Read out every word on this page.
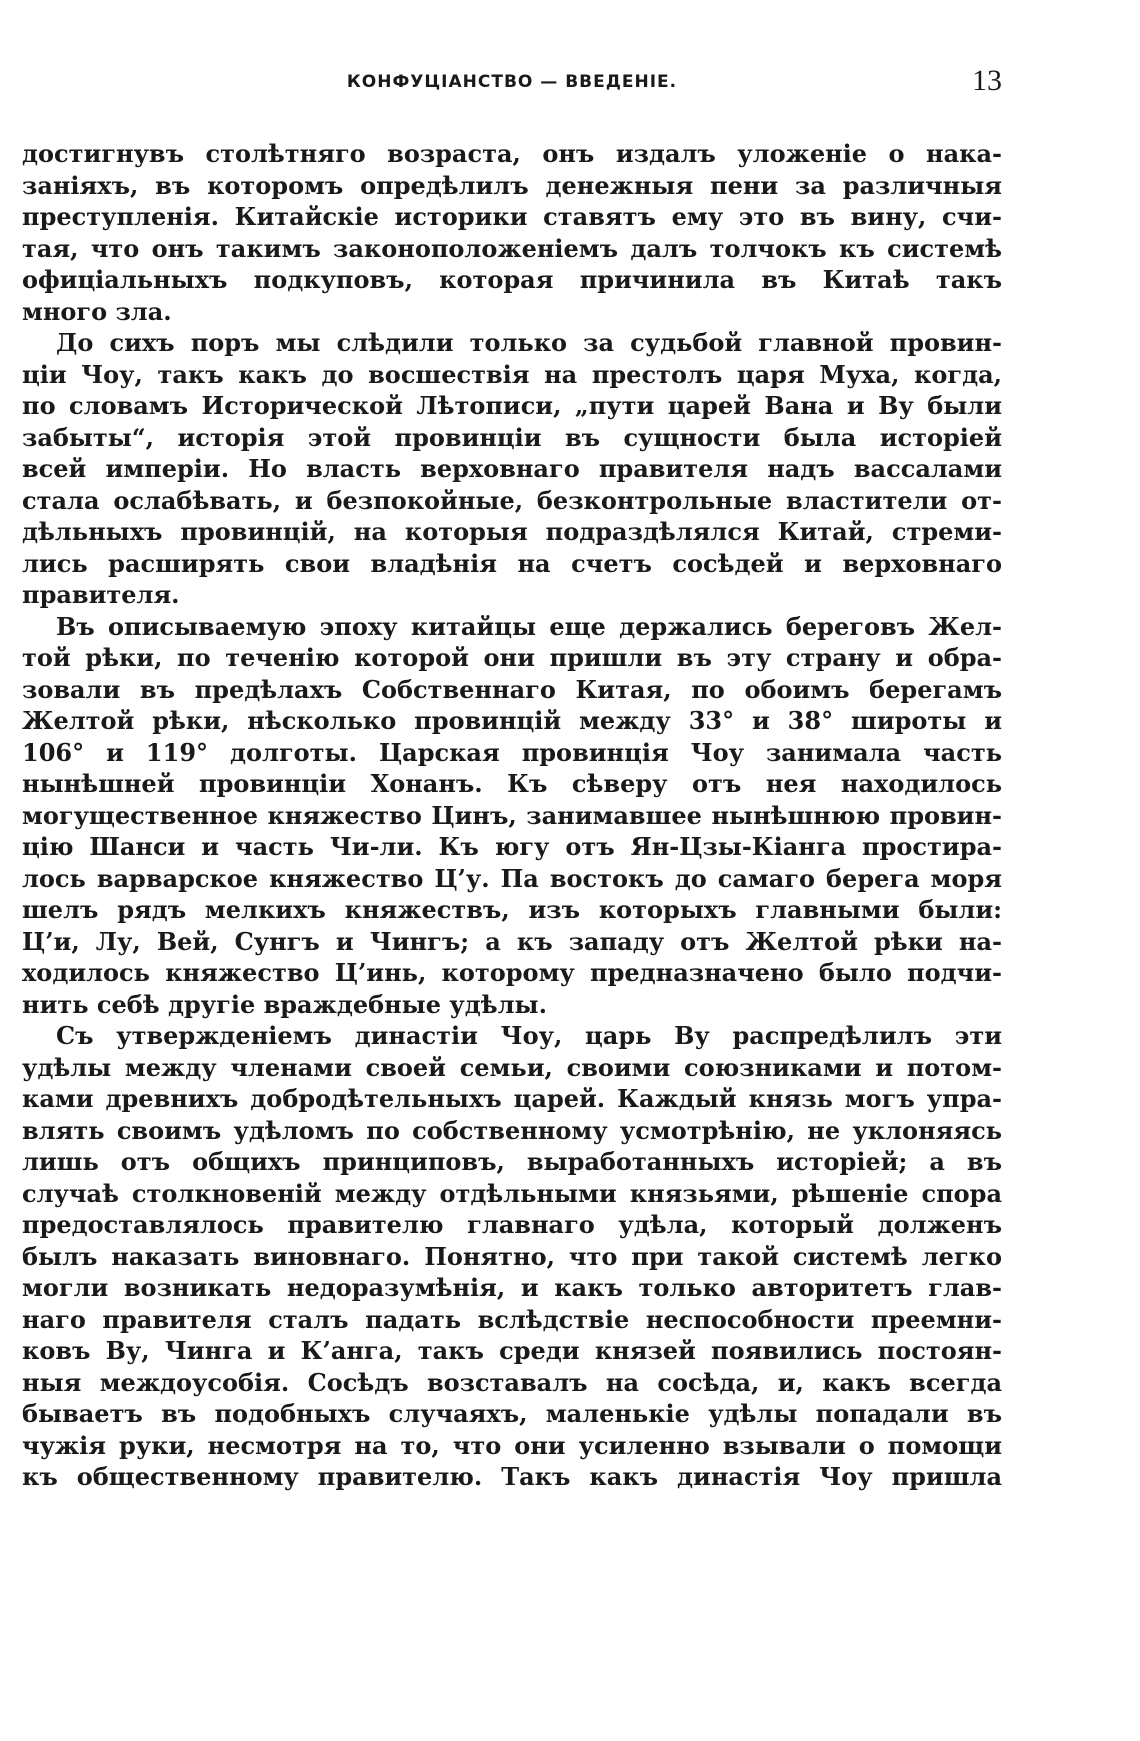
КОНФУЦІАНСТВО — ВВЕДЕНІЕ.	13

достигнувъ столѣтняго возраста, онъ издалъ уложеніе о нака-
заніяхъ, въ которомъ опредѣлилъ денежныя пени за различныя
преступленія. Китайскіе историки ставятъ ему это въ вину, счи-
тая, что онъ такимъ законоположеніемъ далъ толчокъ къ системѣ
офиціальныхъ подкуповъ, которая причинила въ Китаѣ такъ
много зла.

До сихъ поръ мы слѣдили только за судьбой главной провин-
ціи Чоу, такъ какъ до восшествія на престолъ царя Муха, когда,
по словамъ Исторической Лѣтописи, „пути царей Вана и Ву были
забыты“, исторія этой провинціи въ сущности была исторіей
всей имперіи. Но власть верховнаго правителя надъ вассалами
стала ослабѣвать, и безпокойные, безконтрольные властители от-
дѣльныхъ провинцій, на которыя подраздѣлялся Китай, стреми-
лись расширять свои владѣнія на счетъ сосѣдей и верховнаго
правителя.

Въ описываемую эпоху китайцы еще держались береговъ Жел-
той рѣки, по теченію которой они пришли въ эту страну и обра-
зовали въ предѣлахъ Собственнаго Китая, по обоимъ берегамъ
Желтой рѣки, нѣсколько провинцій между 33° и 38° широты и
106° и 119° долготы. Царская провинція Чоу занимала часть
нынѣшней провинціи Хонанъ. Къ сѣверу отъ нея находилось
могущественное княжество Цинъ, занимавшее нынѣшнюю провин-
цію Шанси и часть Чи-ли. Къ югу отъ Ян-Цзы-Кіанга простира-
лось варварское княжество Ц’у. Па востокъ до самаго берега моря
шелъ рядъ мелкихъ княжествъ, изъ которыхъ главными были:
Ц’и, Лу, Вей, Сунгъ и Чингъ; а къ западу отъ Желтой рѣки на-
ходилось княжество Ц’инь, которому предназначено было подчи-
нить себѣ другіе враждебные удѣлы.

Съ утвержденіемъ династіи Чоу, царь Ву распредѣлилъ эти
удѣлы между членами своей семьи, своими союзниками и потом-
ками древнихъ добродѣтельныхъ царей. Каждый князь могъ упра-
влять своимъ удѣломъ по собственному усмотрѣнію, не уклоняясь
лишь отъ общихъ принциповъ, выработанныхъ исторіей; а въ
случаѣ столкновеній между отдѣльными князьями, рѣшеніе спора
предоставлялось правителю главнаго удѣла, который долженъ
былъ наказать виновнаго. Понятно, что при такой системѣ легко
могли возникать недоразумѣнія, и какъ только авторитетъ глав-
наго правителя сталъ падать вслѣдствіе неспособности преемни-
ковъ Ву, Чинга и К’анга, такъ среди князей появились постоян-
ныя междоусобія. Сосѣдъ возставалъ на сосѣда, и, какъ всегда
бываетъ въ подобныхъ случаяхъ, маленькіе удѣлы попадали въ
чужія руки, несмотря на то, что они усиленно взывали о помощи
къ общественному правителю. Такъ какъ династія Чоу пришла
